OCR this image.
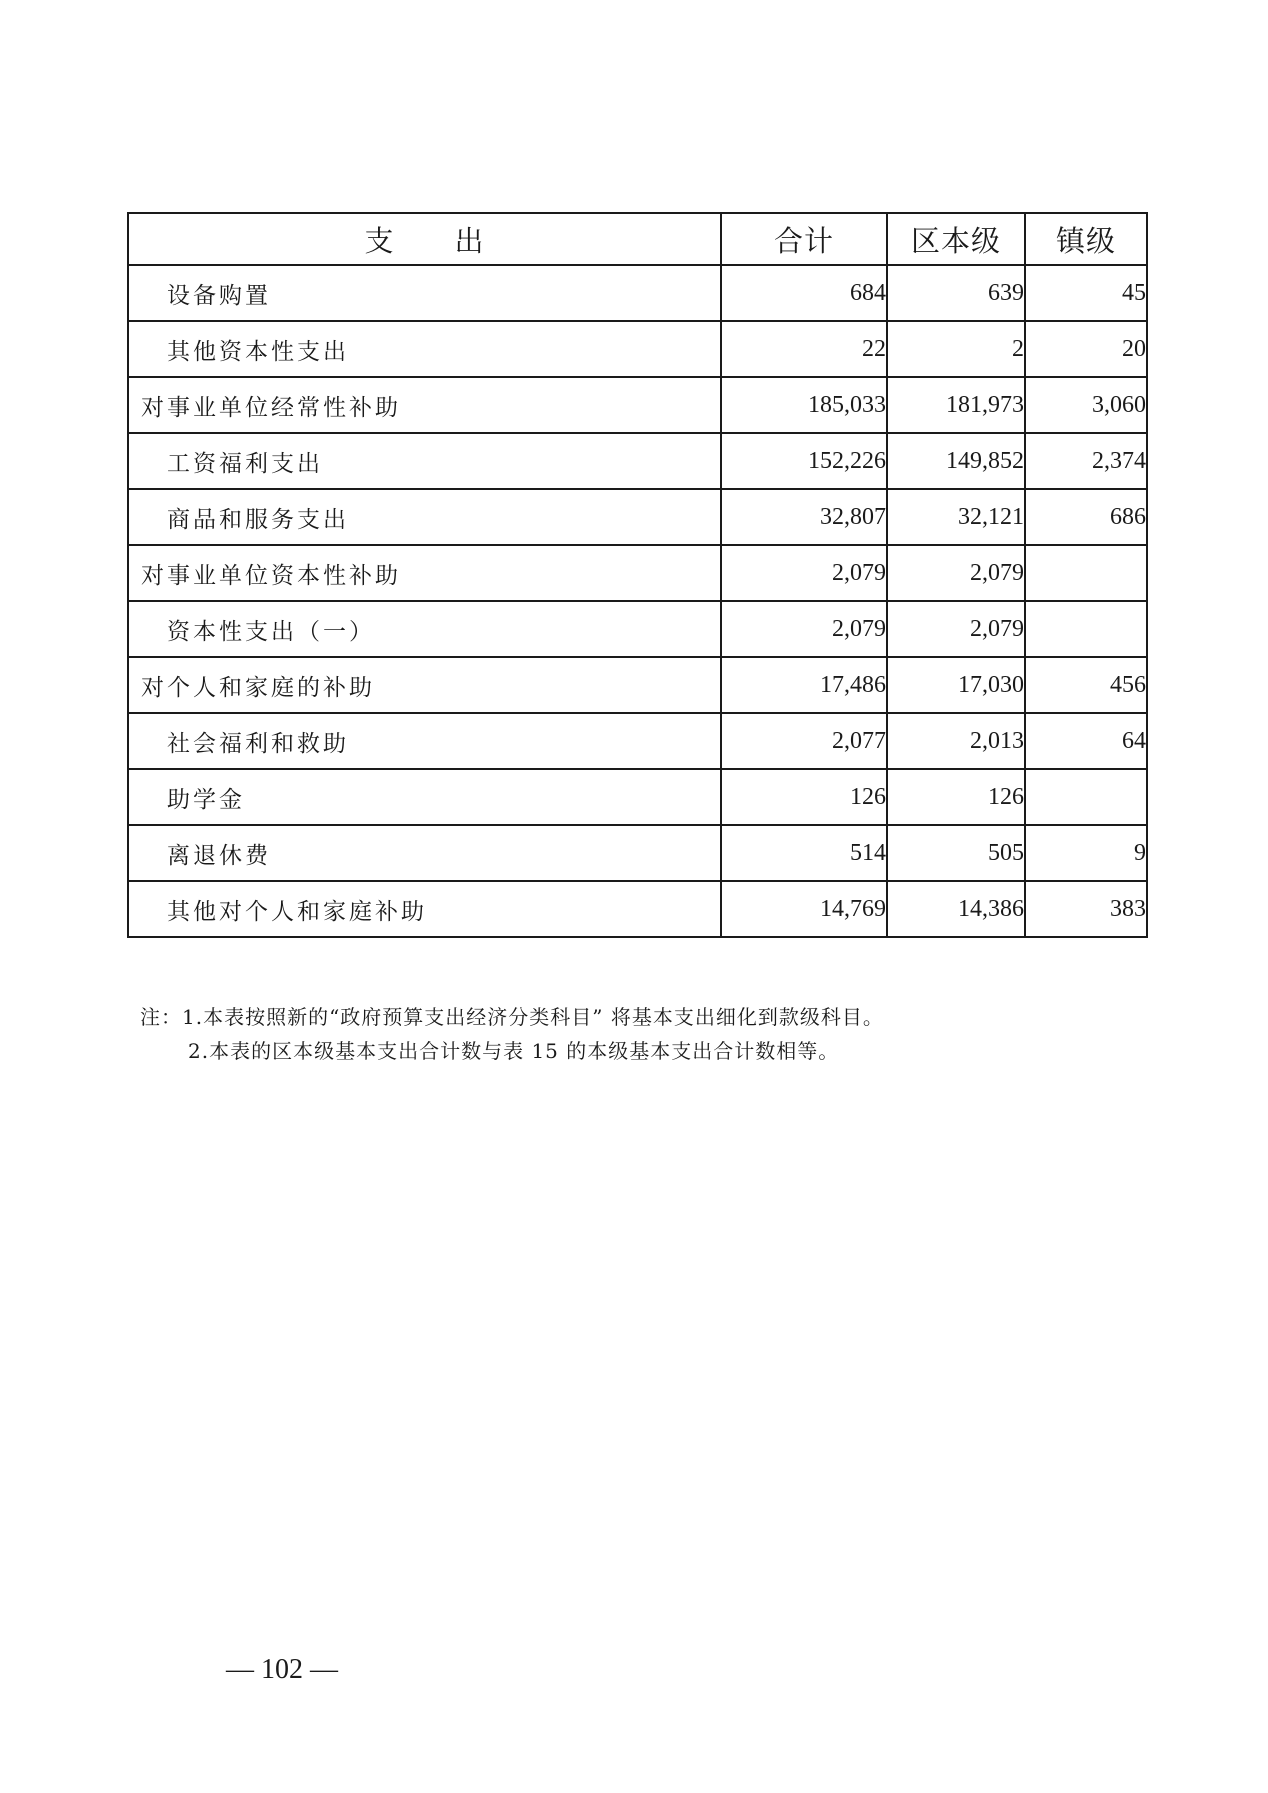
支　　出	合计	区本级	镇级
设备购置	684	639	45
其他资本性支出	22	2	20
对事业单位经常性补助	185,033	181,973	3,060
工资福利支出	152,226	149,852	2,374
商品和服务支出	32,807	32,121	686
对事业单位资本性补助	2,079	2,079	
资本性支出（一）	2,079	2,079	
对个人和家庭的补助	17,486	17,030	456
社会福利和救助	2,077	2,013	64
助学金	126	126	
离退休费	514	505	9
其他对个人和家庭补助	14,769	14,386	383
注：1.本表按照新的“政府预算支出经济分类科目” 将基本支出细化到款级科目。
2.本表的区本级基本支出合计数与表 15 的本级基本支出合计数相等。
— 102 —
